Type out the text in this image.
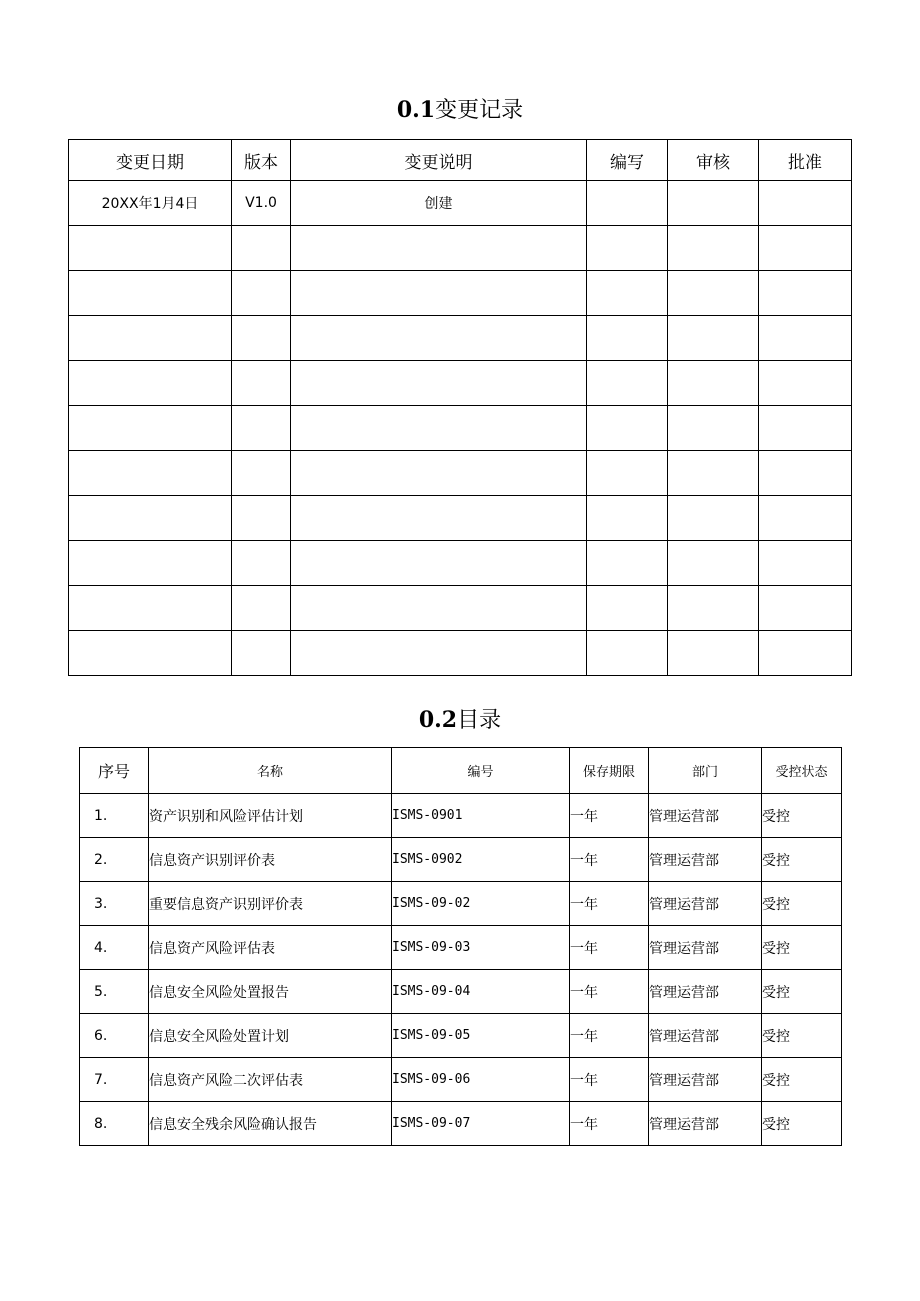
0.1变更记录
变更日期	版本	变更说明	编写	审核	批准
20XX年1月4日	V1.0	创建			

0.2目录
序号	名称	编号	保存期限	部门	受控状态
1.	资产识别和风险评估计划	ISMS-0901	一年	管理运营部	受控
2.	信息资产识别评价表	ISMS-0902	一年	管理运营部	受控
3.	重要信息资产识别评价表	ISMS-09-02	一年	管理运营部	受控
4.	信息资产风险评估表	ISMS-09-03	一年	管理运营部	受控
5.	信息安全风险处置报告	ISMS-09-04	一年	管理运营部	受控
6.	信息安全风险处置计划	ISMS-09-05	一年	管理运营部	受控
7.	信息资产风险二次评估表	ISMS-09-06	一年	管理运营部	受控
8.	信息安全残余风险确认报告	ISMS-09-07	一年	管理运营部	受控
